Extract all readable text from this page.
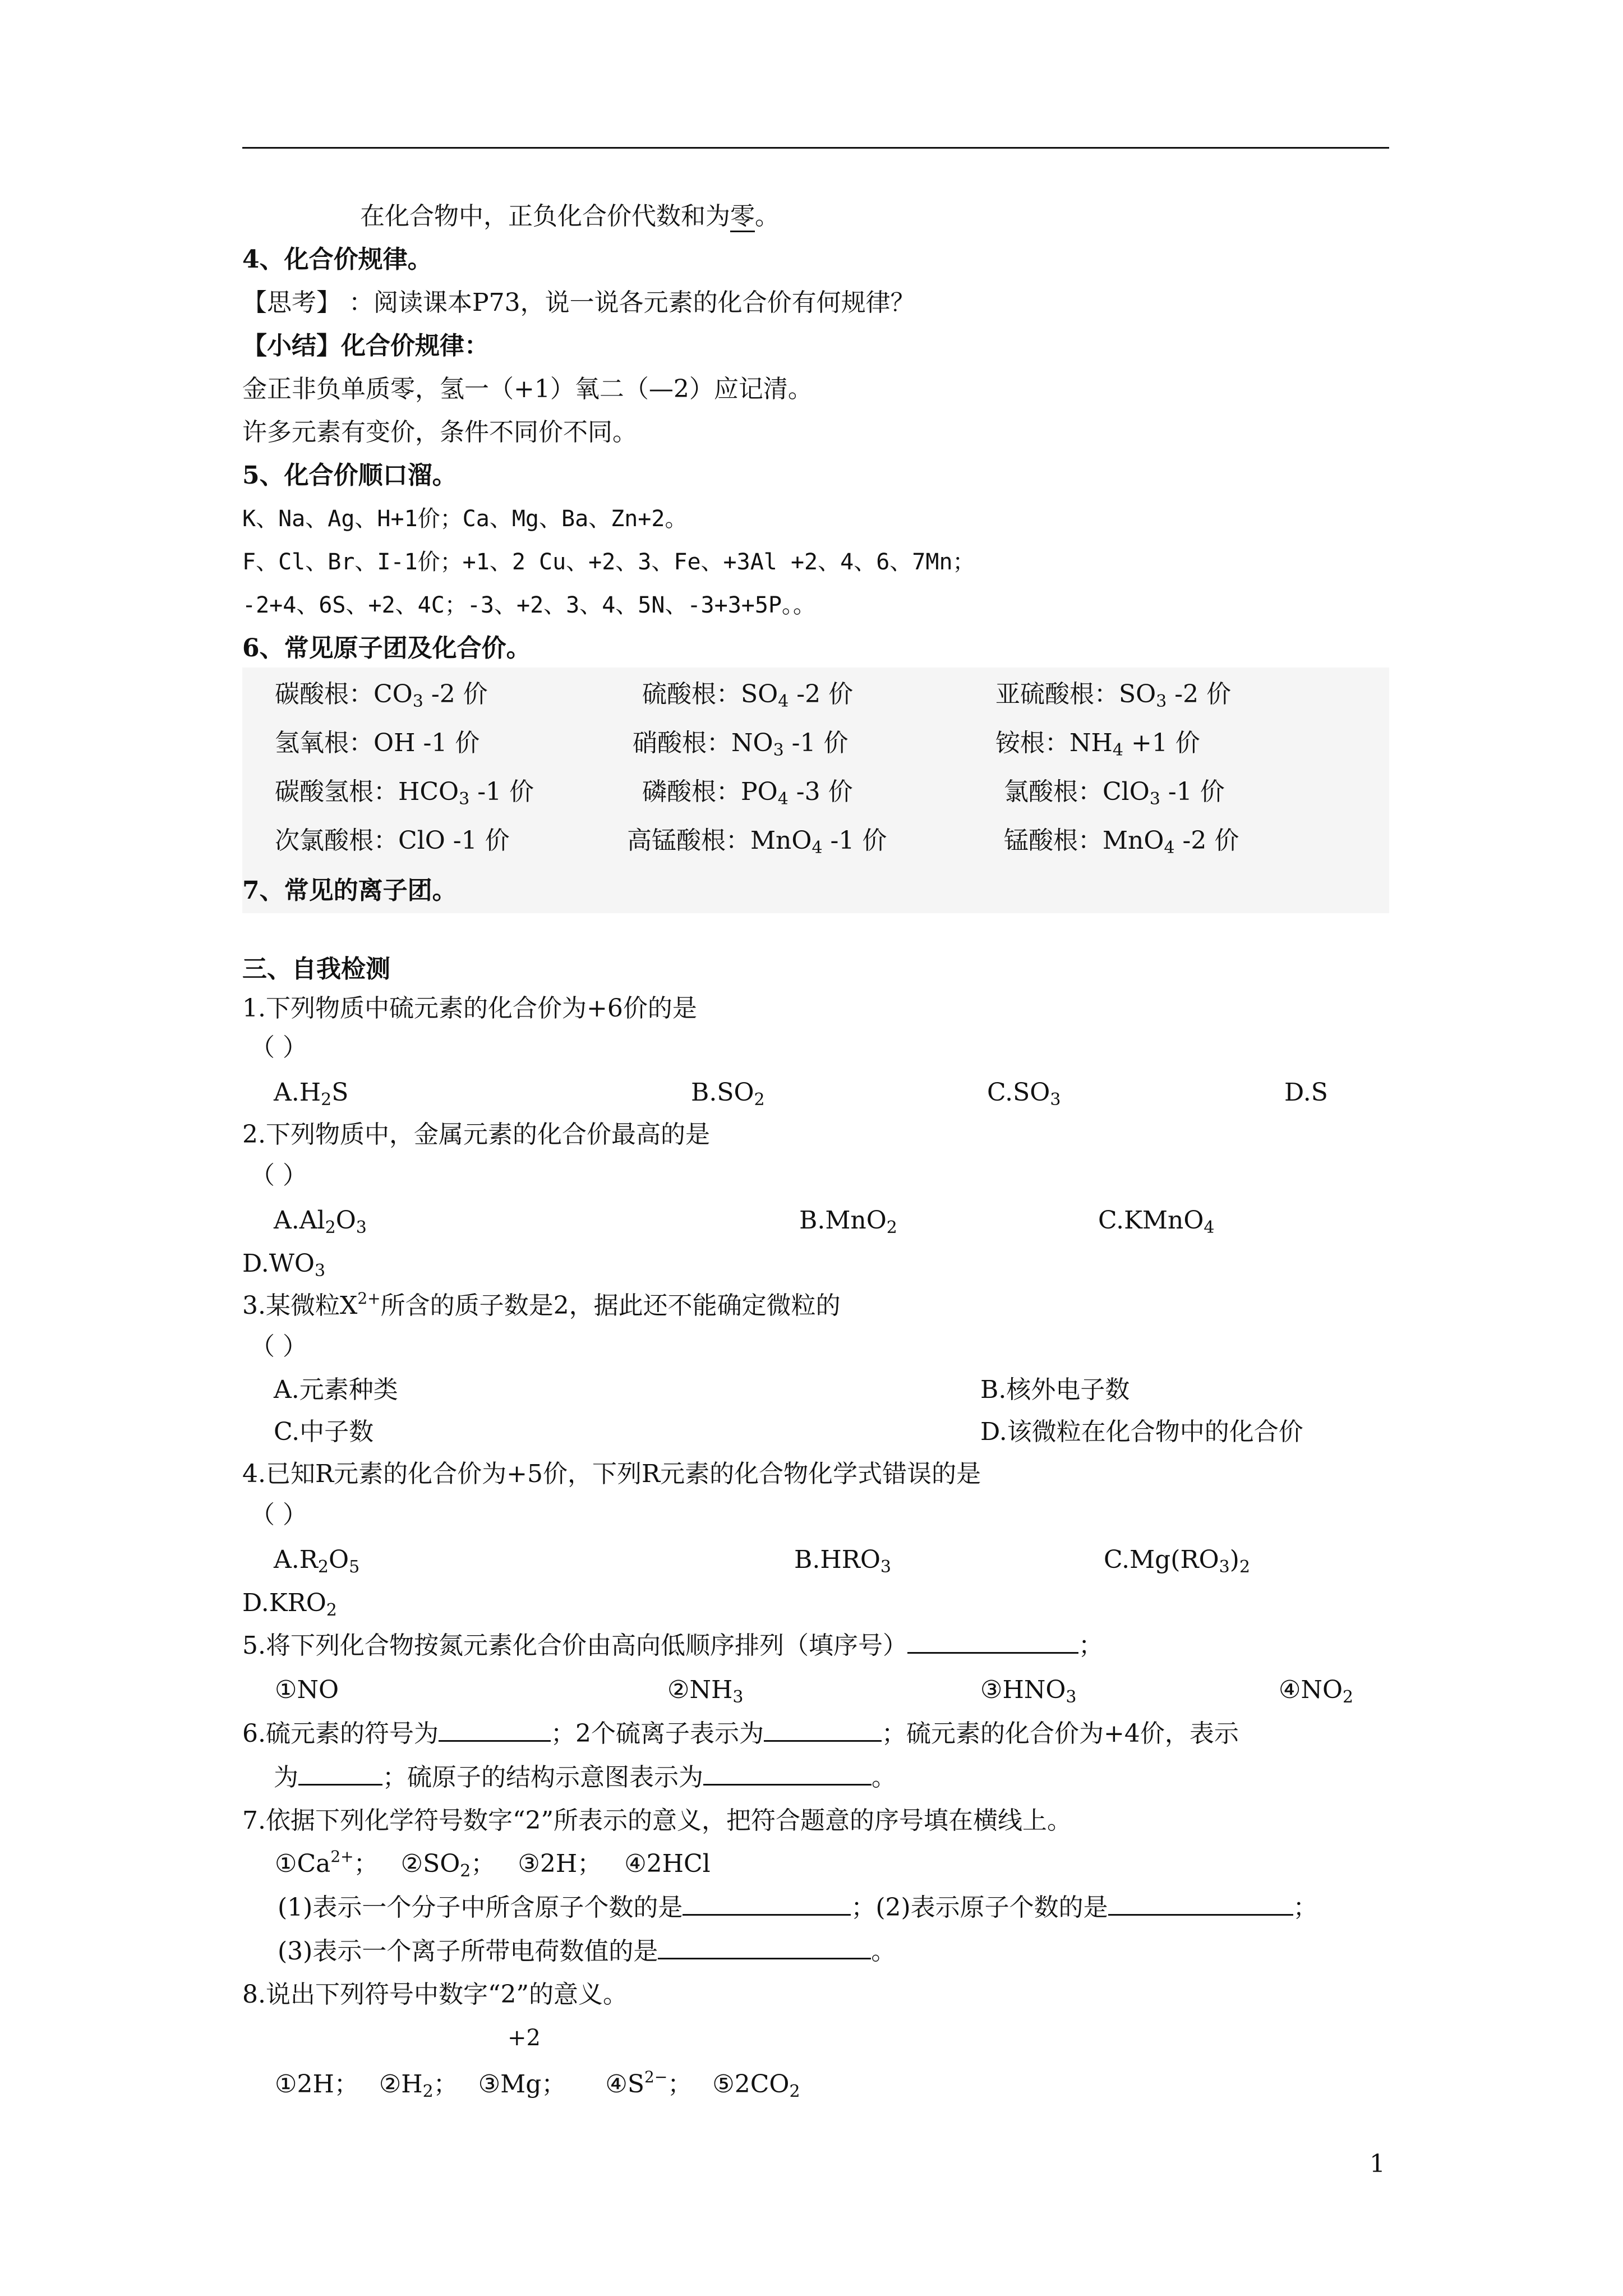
在化合物中，正负化合价代数和为零。
4、化合价规律。
【思考】 ：阅读课本P73，说一说各元素的化合价有何规律？
【小结】化合价规律：
金正非负单质零，氢一（+1）氧二（—2）应记清。
许多元素有变价，条件不同价不同。
5、化合价顺口溜。
K、Na、Ag、H+1价；Ca、Mg、Ba、Zn+2。
F、Cl、Br、I-1价；+1、2 Cu、+2、3、Fe、+3Al +2、4、6、7Mn；
-2+4、6S、+2、4C；-3、+2、3、4、5N、-3+3+5P。。
6、常见原子团及化合价。
碳酸根：$CO_3$ -2 价	硫酸根：$SO_4$ -2 价	亚硫酸根：$SO_3$ -2 价
氢氧根：OH -1 价	硝酸根：$NO_3$ -1 价	铵根：$NH_4 +1$ 价
碳酸氢根：$HCO_3$ -1 价	磷酸根：$PO_4$ -3 价	氯酸根：ClO$_3$ -1 价
次氯酸根：ClO -1 价	高锰酸根：MnO$_4$ -1 价	锰酸根：MnO$_4$ -2 价
7、常见的离子团。
三、自我检测
1.下列物质中硫元素的化合价为+6价的是
（ ）
$A.H_2S$	$B.SO_2$	$C.SO_3$	D.S
2.下列物质中，金属元素的化合价最高的是
（ ）
$A.Al_2O_3$	B.MnO$_2$	C.KMnO$_4$
$D.WO_3$
3.某微粒$X^{2+}$所含的质子数是2，据此还不能确定微粒的
（ ）
A.元素种类	B.核外电子数
C.中子数	D.该微粒在化合物中的化合价
4.已知R元素的化合价为+5价，下列R元素的化合物化学式错误的是
（ ）
$A.R_2O_5$	$B.HRO_3$	$C.Mg(RO_3)_2$
$D.KRO_2$
5.将下列化合物按氮元素化合价由高向低顺序排列（填序号）	；
①NO	$②NH_3$	$③HNO_3$	$④NO_2$
6.硫元素的符号为	；2个硫离子表示为	；硫元素的化合价为+4价，表示
为	；硫原子的结构示意图表示为	。
7.依据下列化学符号数字“2”所表示的意义，把符合题意的序号填在横线上。
$①Ca^{2+}$； $②SO_2$； ③2H； ④2HCl
(1)表示一个分子中所含原子个数的是	；(2)表示原子个数的是	；
(3)表示一个离子所带电荷数值的是	。
8.说出下列符号中数字“2”的意义。
+2
①2H； $②H_2$； ③Mg； $④S^{2-}$； $⑤2CO_2$
1
